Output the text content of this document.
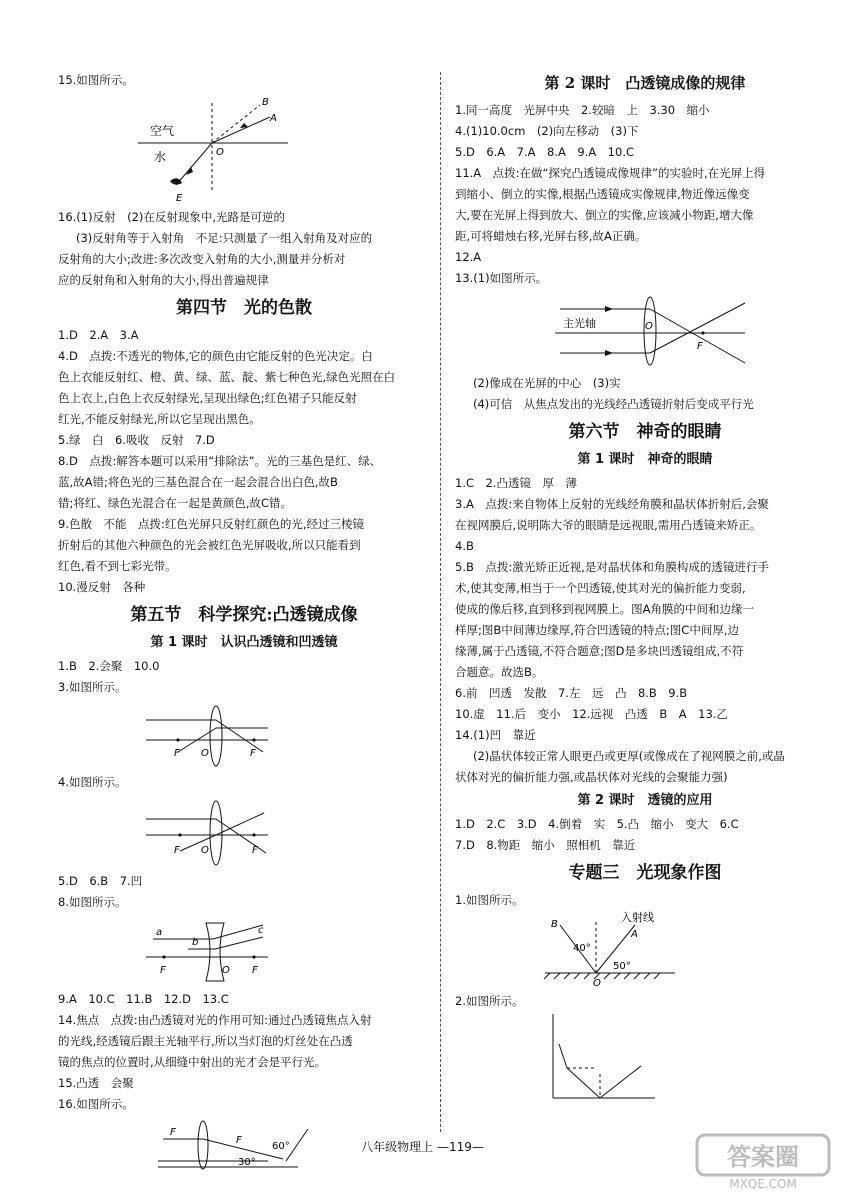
15.如图所示。

空气
水
B
A
O
E

16.(1)反射　(2)在反射现象中,光路是可逆的

(3)反射角等于入射角　不足:只测量了一组入射角及对应的

反射角的大小;改进:多次改变入射角的大小,测量并分析对

应的反射角和入射角的大小,得出普遍规律

第四节　光的色散

1.D　2.A　3.A

4.D　点拨:不透光的物体,它的颜色由它能反射的色光决定。白

色上衣能反射红、橙、黄、绿、蓝、靛、紫七种色光,绿色光照在白

色上衣上,白色上衣反射绿光,呈现出绿色;红色裙子只能反射

红光,不能反射绿光,所以它呈现出黑色。

5.绿　白　6.吸收　反射　7.D

8.D　点拨:解答本题可以采用“排除法”。光的三基色是红、绿、

蓝,故A错;将色光的三基色混合在一起会混合出白色,故B

错;将红、绿色光混合在一起是黄颜色,故C错。

9.色散　不能　点拨:红色光屏只反射红颜色的光,经过三棱镜

折射后的其他六种颜色的光会被红色光屏吸收,所以只能看到

红色,看不到七彩光带。

10.漫反射　各种

第五节　科学探究:凸透镜成像
第 1 课时　认识凸透镜和凹透镜

1.B　2.会聚　10.0

3.如图所示。

F O	F

4.如图所示。

F O	F

5.D　6.B　7.凹

8.如图所示。

a
b
c
F	O F

9.A　10.C　11.B　12.D　13.C

14.焦点　点拨:由凸透镜对光的作用可知:通过凸透镜焦点入射

的光线,经透镜后跟主光轴平行,所以当灯泡的灯丝处在凸透

镜的焦点的位置时,从细缝中射出的光才会是平行光。

15.凸透　会聚

16.如图所示。

F
F
30°
60°
第 2 课时　凸透镜成像的规律

1.同一高度　光屏中央　2.较暗　上　3.30　缩小

4.(1)10.0cm　(2)向左移动　(3)下

5.D　6.A　7.A　8.A　9.A　10.C

11.A　点拨:在做“探究凸透镜成像规律”的实验时,在光屏上得

到缩小、倒立的实像,根据凸透镜成实像规律,物近像远像变

大,要在光屏上得到放大、倒立的实像,应该减小物距,增大像

距,可将蜡烛右移,光屏右移,故A正确。

12.A

13.(1)如图所示。

主光轴	O
F

(2)像成在光屏的中心　(3)实

(4)可信　从焦点发出的光线经凸透镜折射后变成平行光

第六节　神奇的眼睛
第 1 课时　神奇的眼睛

1.C　2.凸透镜　厚　薄

3.A　点拨:来自物体上反射的光线经角膜和晶状体折射后,会聚

在视网膜后,说明陈大爷的眼睛是远视眼,需用凸透镜来矫正。

4.B

5.B　点拨:激光矫正近视,是对晶状体和角膜构成的透镜进行手

术,使其变薄,相当于一个凹透镜,使其对光的偏折能力变弱,

使成的像后移,直到移到视网膜上。图A角膜的中间和边缘一

样厚;图B中间薄边缘厚,符合凹透镜的特点;图C中间厚,边

缘薄,属于凸透镜,不符合题意;图D是多块凹透镜组成,不符

合题意。故选B。

6.前　凹透　发散　7.左　远　凸　8.B　9.B

10.虚　11.后　变小　12.远视　凸透　B　A　13.乙

14.(1)凹　靠近

(2)晶状体较正常人眼更凸或更厚(或像成在了视网膜之前,或晶

状体对光的偏折能力强,或晶状体对光线的会聚能力强)

第 2 课时　透镜的应用

1.D　2.C　3.D　4.倒着　实　5.凸　缩小　变大　6.C

7.D　8.物距　缩小　照相机　靠近

专题三　光现象作图

1.如图所示。

B
A
O
入射线
40°
50°

2.如图所示。

八年级物理上 —119—	答案圈
MXQE.COM
